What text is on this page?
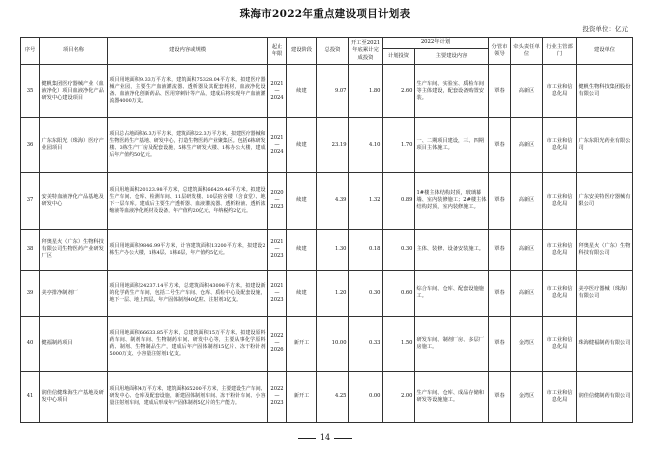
珠海市2022年重点建设项目计划表
投资单位：亿元
序号	项目名称	建设内容或规模	起止年限	建设阶段	总投资	开工至2021年底累计完成投资	2022年计划		分管市领导	牵头责任单位	行业主管部门	建设单位
							计划投资	主要建设内容				
35	健帆集团医疗器械产业（血液净化）项目血液净化产品研发中心建设项目	项目用地面积9.33万平方米，建筑面积75328.04平方米。拟建医疗器械产业园，主要生产血液灌流器、透析器及其配套耗材，血液净化设备、血液净化创新药品、医用穿刺针等产品，建成后将实现年产血液灌流器4000万支。	2021—2024	续建	9.07	1.80	2.60	生产车间、实验室、质检车间等主体建设，配套设备购置安装。	覃春	高新区	市工业和信息化局	健帆生物科技集团股份有限公司
36	广东东阳光（珠海）医疗产业园项目	项目总占地面积6.3万平方米，建筑面积22.3万平方米，拟建医疗器械和生物医药生产基地、研发中心，打造生物医药产业聚集区。包括6栋研发楼、3栋生产厂房及配套设施，5栋生产研发大楼、1栋办公大楼，建成后年产值约50亿元。	2021—2024	续建	23.19	4.10	1.70	一、二期项目建设，三、四期项目主体施工。	覃春	高新区	市工业和信息化局	广东东阳光药业有限公司
37	安美特血液净化产品基地及研发中心	项目用地面积20123.98平方米，总建筑面积66429.46平方米。拟建设生产车间、仓库、检测车间、11层研发楼、10层宿舍楼（含食堂）、地下一层车库。建成后主要生产透析器、血液灌流器、透析粉液、透析浓缩液等血液净化耗材及设备，年产值约20亿元，年纳税约2亿元。	2020—2023	续建	4.39	1.32	0.89	1#楼主体结构封顶，玻璃幕墙、室内装修施工；2#楼主体结构封顶，室内装修施工。	覃春	高新区	市工业和信息化局	广东安美特医疗器械有限公司
38	拜奥星火（广东）生物科技有限公司生物医药产业研发厂区	项目用地面积9846.99平方米，计容建筑面积13200平方米，拟建设2栋生产办公大楼，1栋4层、1栋6层，年产值约5亿元。	2021—2023	续建	1.30	0.18	0.30	主体、装修、设备安装施工。	覃春	高新区	市工业和信息化局	拜奥星火（广东）生物科技有限公司
39	美亭排净制剂厂	项目用地面积24237.14平方米，总建筑面积43098平方米。拟建设新的化学药生产车间，包括二号生产车间、仓库、质检中心及配套设施，地下一层、地上四层。年产固体制剂40亿粒、注射剂3亿支。	2021—2023	续建	1.20	0.30	0.60	综合车间、仓库、配套设施施工。	覃春	高新区	市工业和信息化局	美亭医疗器械（珠海）有限公司
40	健福制药项目	项目用地面积66633.85平方米，总建筑面积15万平方米。拟建设原料药车间、制剂车间、生物制药车间、研发中心等，主要从事化学原料药、制剂、生物制品生产，建成后年产固体制剂15亿片、冻干粉针剂5000万支、小容量注射剂1亿支。	2022—2026	新开工	10.00	0.33	1.50	研发车间、制剂厂房、多层厂房施工。	覃春	金湾区	市工业和信息化局	珠海健福制药有限公司
41	润佳信健珠海生产基地及研发中心项目	项目用地面积4万平方米，建筑面积65200平方米，主要建设生产车间、研发中心、仓库及配套设施，新建固体制剂车间、冻干粉针车间、小容量注射剂车间，建成后形成年产固体制剂5亿片的生产能力。	2022—2023	新开工	4.25	0.00	2.00	生产车间、仓库、成品存储和研发等设施施工。	覃春	金湾区	市工业和信息化局	润佳信健制药有限公司
14
